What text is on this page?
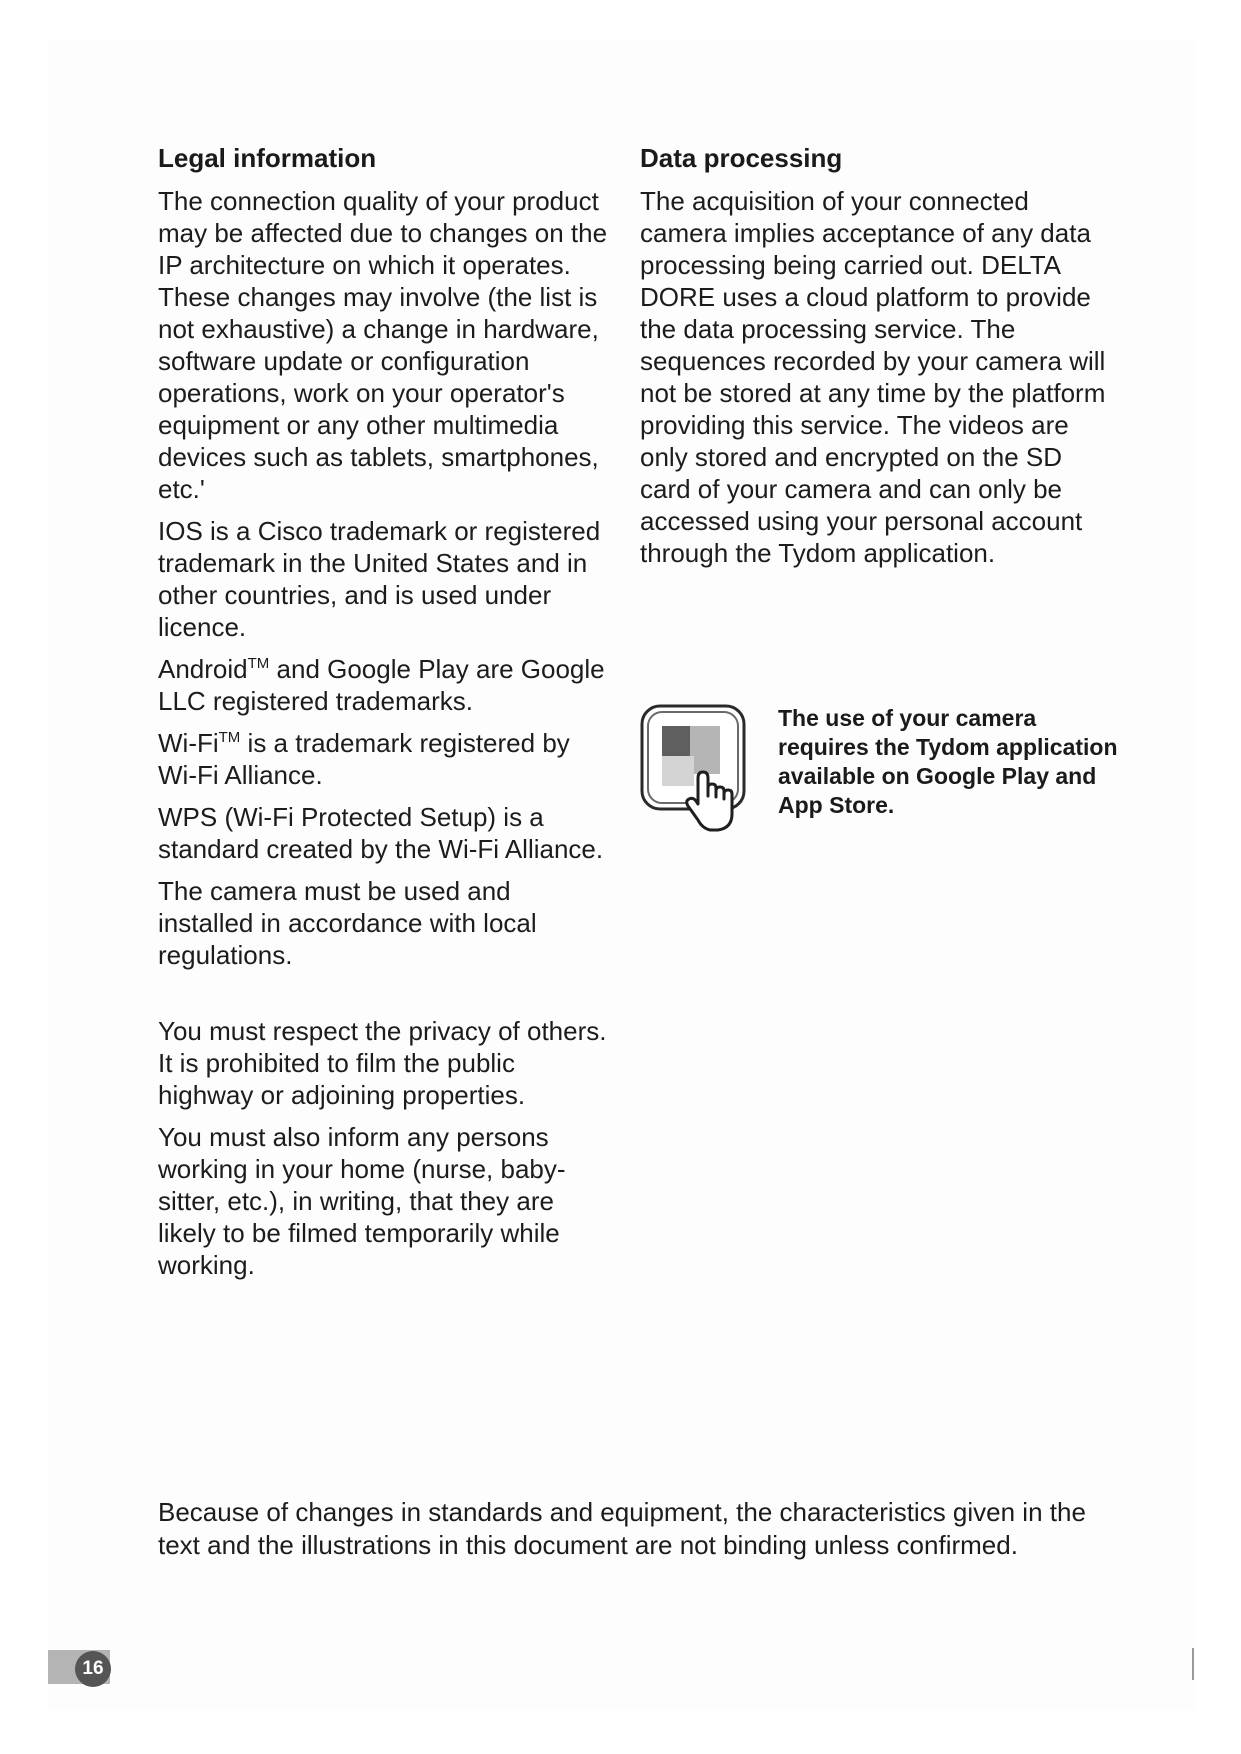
Legal information

The connection quality of your product may be affected due to changes on the IP architecture on which it operates. These changes may involve (the list is not exhaustive) a change in hardware, software update or configuration operations, work on your operator's equipment or any other multimedia devices such as tablets, smartphones, etc.'

IOS is a Cisco trademark or registered trademark in the United States and in other countries, and is used under licence.

Android™ and Google Play are Google LLC registered trademarks.

Wi-Fi™ is a trademark registered by Wi-Fi Alliance.

WPS (Wi-Fi Protected Setup) is a standard created by the Wi-Fi Alliance.

The camera must be used and installed in accordance with local regulations.

You must respect the privacy of others. It is prohibited to film the public highway or adjoining properties.

You must also inform any persons working in your home (nurse, baby-sitter, etc.), in writing, that they are likely to be filmed temporarily while working.

Data processing

The acquisition of your connected camera implies acceptance of any data processing being carried out. DELTA DORE uses a cloud platform to provide the data processing service. The sequences recorded by your camera will not be stored at any time by the platform providing this service. The videos are only stored and encrypted on the SD card of your camera and can only be accessed using your personal account through the Tydom application.

The use of your camera requires the Tydom application available on Google Play and App Store.

Because of changes in standards and equipment, the characteristics given in the text and the illustrations in this document are not binding unless confirmed.

16
